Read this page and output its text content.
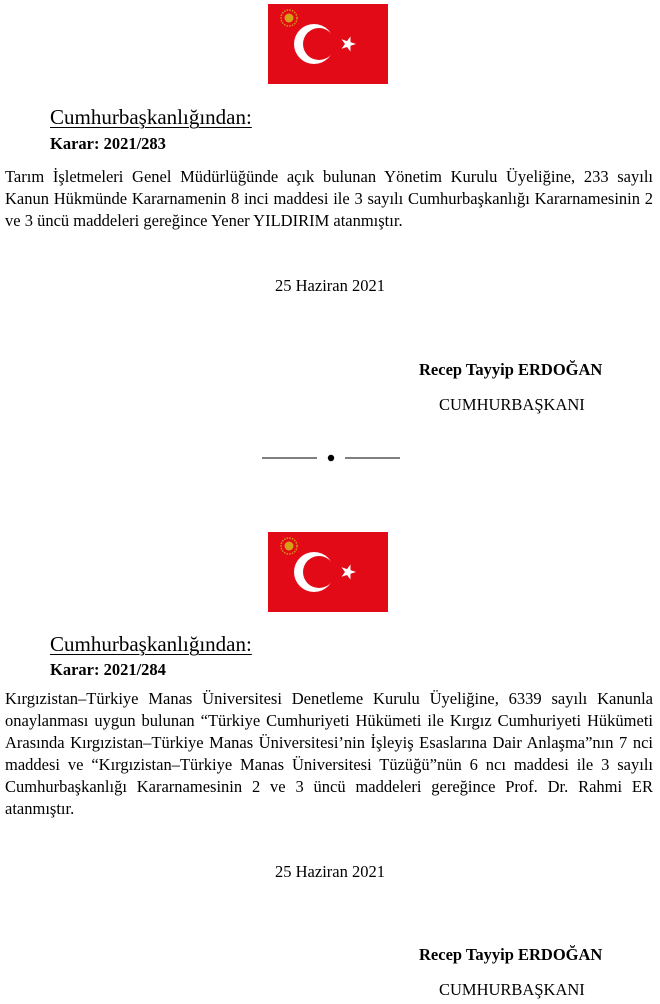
Cumhurbaşkanlığından:
Karar: 2021/283

Tarım İşletmeleri Genel Müdürlüğünde açık bulunan Yönetim Kurulu Üyeliğine, 233 sayılı Kanun Hükmünde Kararnamenin 8 inci maddesi ile 3 sayılı Cumhurbaşkanlığı Kararnamesinin 2 ve 3 üncü maddeleri gereğince Yener YILDIRIM atanmıştır.

25 Haziran 2021
Recep Tayyip ERDOĞAN
CUMHURBAŞKANI
Cumhurbaşkanlığından:
Karar: 2021/284

Kırgızistan–Türkiye Manas Üniversitesi Denetleme Kurulu Üyeliğine, 6339 sayılı Kanunla onaylanması uygun bulunan “Türkiye Cumhuriyeti Hükümeti ile Kırgız Cumhuriyeti Hükümeti Arasında Kırgızistan–Türkiye Manas Üniversitesi’nin İşleyiş Esaslarına Dair Anlaşma”nın 7 nci maddesi ve “Kırgızistan–Türkiye Manas Üniversitesi Tüzüğü”nün 6 ncı maddesi ile 3 sayılı Cumhurbaşkanlığı Kararnamesinin 2 ve 3 üncü maddeleri gereğince Prof. Dr. Rahmi ER atanmıştır.

25 Haziran 2021
Recep Tayyip ERDOĞAN
CUMHURBAŞKANI
